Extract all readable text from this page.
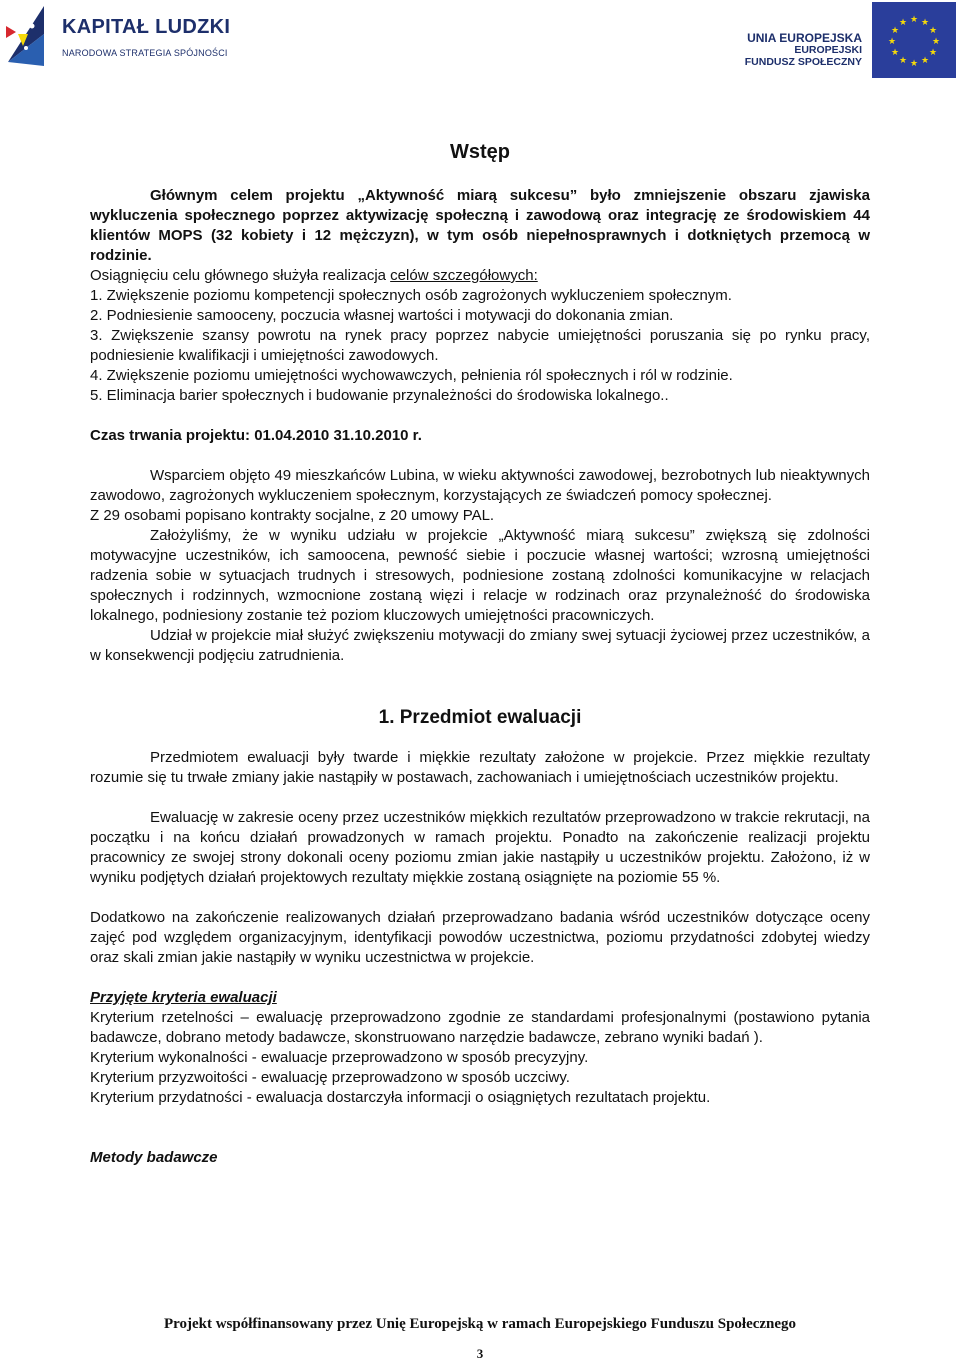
KAPITAŁ LUDZKI
NARODOWA STRATEGIA SPÓJNOŚCI
UNIA EUROPEJSKA
EUROPEJSKI
FUNDUSZ SPOŁECZNY
★ ★
★
★
★
★
★
★
★
★
★
★
Wstęp

Głównym celem projektu „Aktywność miarą sukcesu” było zmniejszenie obszaru zjawiska wykluczenia społecznego poprzez aktywizację społeczną i zawodową oraz integrację ze środowiskiem 44 klientów MOPS (32 kobiety i 12 mężczyzn), w tym osób niepełnosprawnych i dotkniętych przemocą w rodzinie.

Osiągnięciu celu głównego służyła realizacja celów szczegółowych:

1. Zwiększenie poziomu kompetencji społecznych osób zagrożonych wykluczeniem społecznym.

2. Podniesienie samooceny, poczucia własnej wartości i motywacji do dokonania zmian.

3. Zwiększenie szansy powrotu na rynek pracy poprzez nabycie umiejętności poruszania się po rynku pracy, podniesienie kwalifikacji i umiejętności zawodowych.

4. Zwiększenie poziomu umiejętności wychowawczych, pełnienia ról społecznych i ról w rodzinie.

5. Eliminacja barier społecznych i budowanie przynależności do środowiska lokalnego..

Czas trwania projektu: 01.04.2010 31.10.2010 r.

Wsparciem objęto 49 mieszkańców Lubina, w wieku aktywności zawodowej, bezrobotnych lub nieaktywnych zawodowo, zagrożonych wykluczeniem społecznym, korzystających ze świadczeń pomocy społecznej.

Z 29 osobami popisano kontrakty socjalne, z 20 umowy PAL.

Założyliśmy, że w wyniku udziału w projekcie „Aktywność miarą sukcesu” zwiększą się zdolności motywacyjne uczestników, ich samoocena, pewność siebie i poczucie własnej wartości; wzrosną umiejętności radzenia sobie w sytuacjach trudnych i stresowych, podniesione zostaną zdolności komunikacyjne w relacjach społecznych i rodzinnych, wzmocnione zostaną więzi i relacje w rodzinach oraz przynależność do środowiska lokalnego, podniesiony zostanie też poziom kluczowych umiejętności pracowniczych.

Udział w projekcie miał służyć zwiększeniu motywacji do zmiany swej sytuacji życiowej przez uczestników, a w konsekwencji podjęciu zatrudnienia.

1. Przedmiot ewaluacji

Przedmiotem ewaluacji były twarde i miękkie rezultaty założone w projekcie. Przez miękkie rezultaty rozumie się tu trwałe zmiany jakie nastąpiły w postawach, zachowaniach i umiejętnościach uczestników projektu.

Ewaluację w zakresie oceny przez uczestników miękkich rezultatów przeprowadzono w trakcie rekrutacji, na początku i na końcu działań prowadzonych w ramach projektu. Ponadto na zakończenie realizacji projektu pracownicy ze swojej strony dokonali oceny poziomu zmian jakie nastąpiły u uczestników projektu. Założono, iż w wyniku podjętych działań projektowych rezultaty miękkie zostaną osiągnięte na poziomie 55 %.

Dodatkowo na zakończenie realizowanych działań przeprowadzano badania wśród uczestników dotyczące oceny zajęć pod względem organizacyjnym, identyfikacji powodów uczestnictwa, poziomu przydatności zdobytej wiedzy oraz skali zmian jakie nastąpiły w wyniku uczestnictwa w projekcie.

Przyjęte kryteria ewaluacji

Kryterium rzetelności – ewaluację przeprowadzono zgodnie ze standardami profesjonalnymi (postawiono pytania badawcze, dobrano metody badawcze, skonstruowano narzędzie badawcze, zebrano wyniki badań ).

Kryterium wykonalności - ewaluacje przeprowadzono w sposób precyzyjny.

Kryterium przyzwoitości - ewaluację przeprowadzono w sposób uczciwy.

Kryterium przydatności - ewaluacja dostarczyła informacji o osiągniętych rezultatach projektu.

Metody badawcze

Projekt współfinansowany przez Unię Europejską w ramach Europejskiego Funduszu Społecznego
3
